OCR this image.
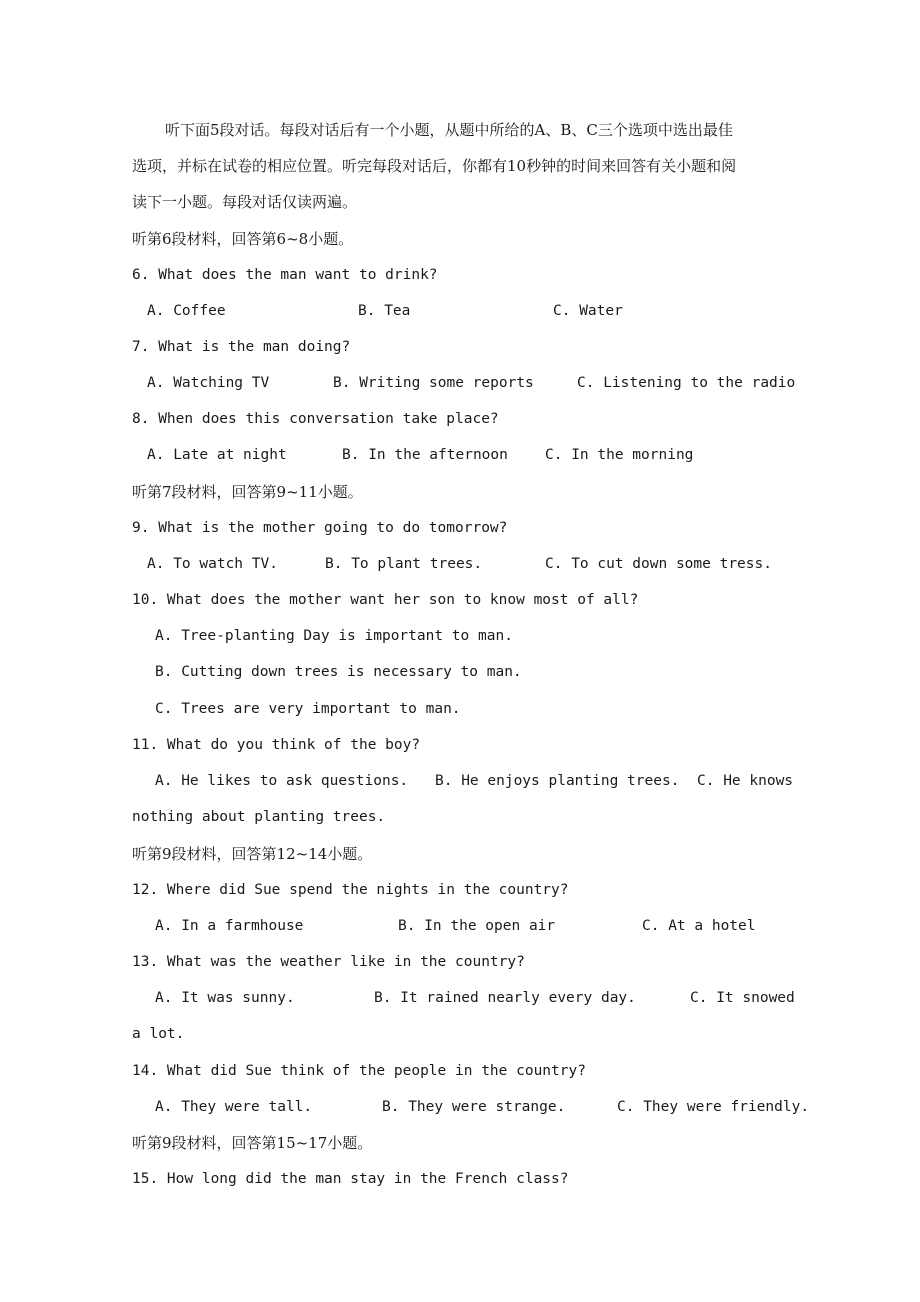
听下面5段对话。每段对话后有一个小题，从题中所给的A、B、C三个选项中选出最佳
选项，并标在试卷的相应位置。听完每段对话后，你都有10秒钟的时间来回答有关小题和阅
读下一小题。每段对话仅读两遍。
听第6段材料，回答第6~8小题。
6. What does the man want to drink?
A. Coffee	B. Tea	C. Water
7. What is the man doing?
A. Watching TV	B. Writing some reports	C. Listening to the radio
8. When does this conversation take place?
A. Late at night	B. In the afternoon	C. In the morning
听第7段材料，回答第9~11小题。
9. What is the mother going to do tomorrow?
A. To watch TV.	B. To plant trees.	C. To cut down some tress.
10. What does the mother want her son to know most of all?
A. Tree-planting Day is important to man.
B. Cutting down trees is necessary to man.
C. Trees are very important to man.
11. What do you think of the boy?
A. He likes to ask questions. B. He enjoys planting trees. C. He knows
nothing about planting trees.
听第9段材料，回答第12~14小题。
12. Where did Sue spend the nights in the country?
A. In a farmhouse	B. In the open air	C. At a hotel
13. What was the weather like in the country?
A. It was sunny.	B. It rained nearly every day.	C. It snowed
a lot.
14. What did Sue think of the people in the country?
A. They were tall.	B. They were strange.	C. They were friendly.
听第9段材料，回答第15~17小题。
15. How long did the man stay in the French class?
